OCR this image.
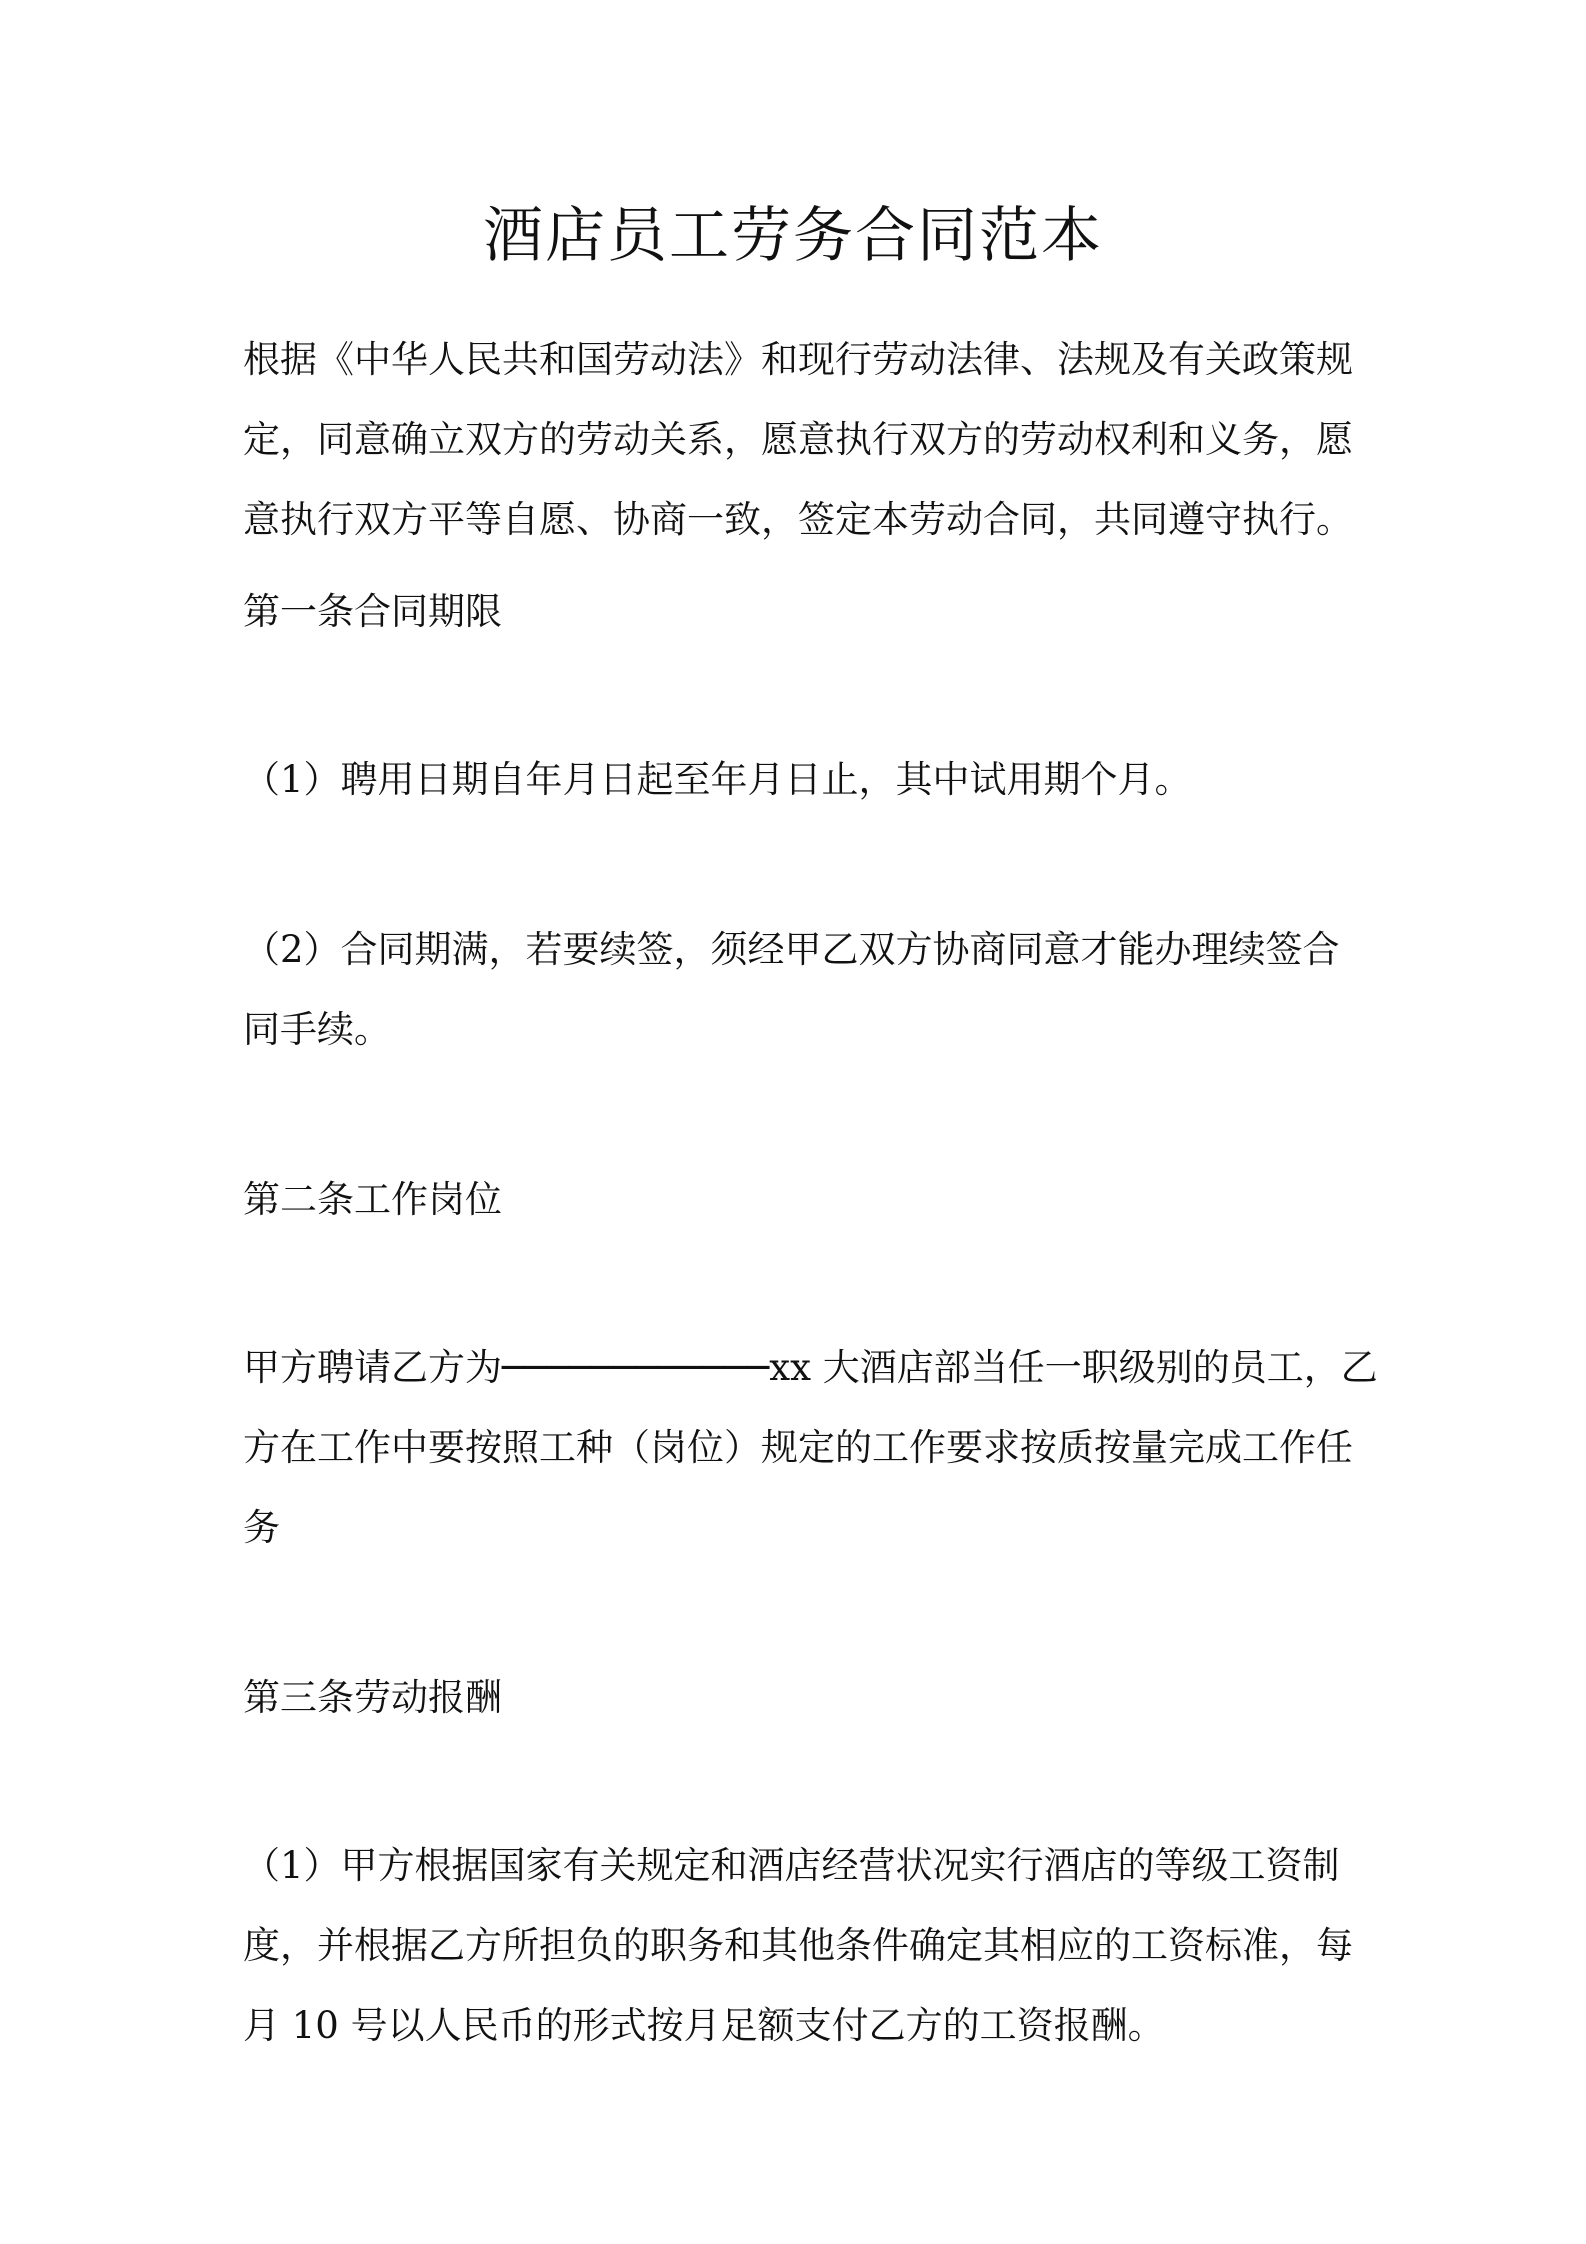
酒店员工劳务合同范本
根据《中华人民共和国劳动法》和现行劳动法律、法规及有关政策规
定，同意确立双方的劳动关系，愿意执行双方的劳动权利和义务，愿
意执行双方平等自愿、协商一致，签定本劳动合同，共同遵守执行。
第一条合同期限
（1）聘用日期自年月日起至年月日止，其中试用期个月。
（2）合同期满，若要续签，须经甲乙双方协商同意才能办理续签合
同手续。
第二条工作岗位
甲方聘请乙方为────────────xx 大酒店部当任一职级别的员工，乙
方在工作中要按照工种（岗位）规定的工作要求按质按量完成工作任
务
第三条劳动报酬
（1）甲方根据国家有关规定和酒店经营状况实行酒店的等级工资制
度，并根据乙方所担负的职务和其他条件确定其相应的工资标准，每
月 10 号以人民币的形式按月足额支付乙方的工资报酬。
